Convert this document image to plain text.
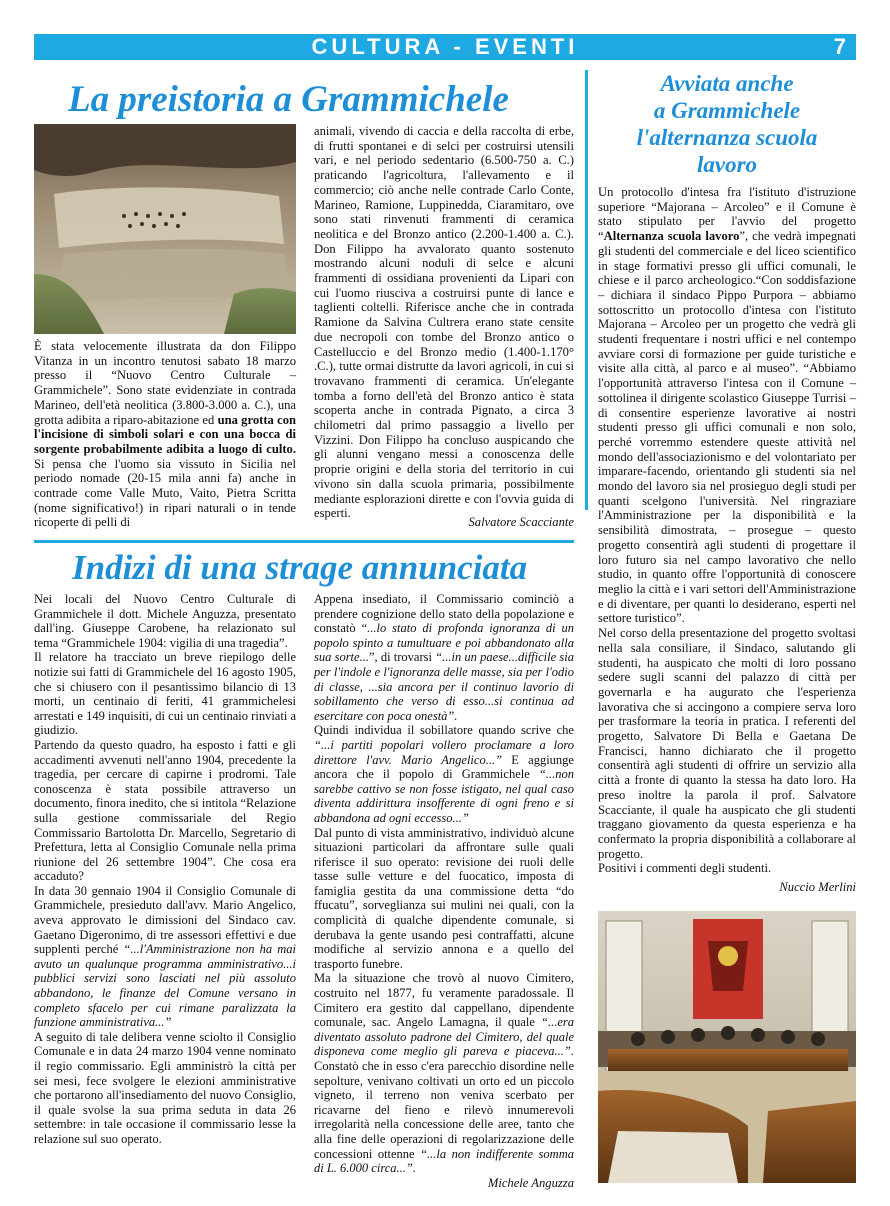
CULTURA - EVENTI	7
La preistoria a Grammichele
È stata velocemente illustrata da don Filippo Vitanza in un incontro tenutosi sabato 18 marzo presso il “Nuovo Centro Culturale – Grammichele”. Sono state evidenziate in contrada Marineo, dell'età neolitica (3.800-3.000 a. C.), una grotta adibita a riparo-abitazione ed una grotta con l'incisione di simboli solari e con una bocca di sorgente probabilmente adibita a luogo di culto. Si pensa che l'uomo sia vissuto in Sicilia nel periodo nomade (20-15 mila anni fa) anche in contrade come Valle Muto, Vaito, Pietra Scritta (nome significativo!) in ripari naturali o in tende ricoperte di pelli di
animali, vivendo di caccia e della raccolta di erbe, di frutti spontanei e di selci per costruirsi utensili vari, e nel periodo sedentario (6.500-750 a. C.) praticando l'agricoltura, l'allevamento e il commercio; ciò anche nelle contrade Carlo Conte, Marineo, Ramione, Luppinedda, Ciaramitaro, ove sono stati rinvenuti frammenti di ceramica neolitica e del Bronzo antico (2.200-1.400 a. C.). Don Filippo ha avvalorato quanto sostenuto mostrando alcuni noduli di selce e alcuni frammenti di ossidiana provenienti da Lipari con cui l'uomo riusciva a costruirsi punte di lance e taglienti coltelli. Riferisce anche che in contrada Ramione da Salvina Cultrera erano state censite due necropoli con tombe del Bronzo antico o Castelluccio e del Bronzo medio (1.400-1.170° .C.), tutte ormai distrutte da lavori agricoli, in cui si trovavano frammenti di ceramica. Un'elegante tomba a forno dell'età del Bronzo antico è stata scoperta anche in contrada Pignato, a circa 3 chilometri dal primo passaggio a livello per Vizzini. Don Filippo ha concluso auspicando che gli alunni vengano messi a conoscenza delle proprie origini e della storia del territorio in cui vivono sin dalla scuola primaria, possibilmente mediante esplorazioni dirette e con l'ovvia guida di esperti.
Salvatore Scacciante
Indizi di una strage annunciata
Nei locali del Nuovo Centro Culturale di Grammichele il dott. Michele Anguzza, presentato dall'ing. Giuseppe Carobene, ha relazionato sul tema “Grammichele 1904: vigilia di una tragedia”.
Il relatore ha tracciato un breve riepilogo delle notizie sui fatti di Grammichele del 16 agosto 1905, che si chiusero con il pesantissimo bilancio di 13 morti, un centinaio di feriti, 41 grammichelesi arrestati e 149 inquisiti, di cui un centinaio rinviati a giudizio.
Partendo da questo quadro, ha esposto i fatti e gli accadimenti avvenuti nell'anno 1904, precedente la tragedia, per cercare di capirne i prodromi. Tale conoscenza è stata possibile attraverso un documento, finora inedito, che si intitola “Relazione sulla gestione commissariale del Regio Commissario Bartolotta Dr. Marcello, Segretario di Prefettura, letta al Consiglio Comunale nella prima riunione del 26 settembre 1904”. Che cosa era accaduto?
In data 30 gennaio 1904 il Consiglio Comunale di Grammichele, presieduto dall'avv. Mario Angelico, aveva approvato le dimissioni del Sindaco cav. Gaetano Digeronimo, di tre assessori effettivi e due supplenti perché “...l'Amministrazione non ha mai avuto un qualunque programma amministrativo...i pubblici servizi sono lasciati nel più assoluto abbandono, le finanze del Comune versano in completo sfacelo per cui rimane paralizzata la funzione amministrativa...”
A seguito di tale delibera venne sciolto il Consiglio Comunale e in data 24 marzo 1904 venne nominato il regio commissario. Egli amministrò la città per sei mesi, fece svolgere le elezioni amministrative che portarono all'insediamento del nuovo Consiglio, il quale svolse la sua prima seduta in data 26 settembre: in tale occasione il commissario lesse la relazione sul suo operato.
Appena insediato, il Commissario cominciò a prendere cognizione dello stato della popolazione e constatò “...lo stato di profonda ignoranza di un popolo spinto a tumultuare e poi abbandonato alla sua sorte...”, di trovarsi “...in un paese...difficile sia per l'indole e l'ignoranza delle masse, sia per l'odio di classe, ...sia ancora per il continuo lavorio di sobillamento che verso di esso...si continua ad esercitare con poca onestà”.
Quindi individua il sobillatore quando scrive che “...i partiti popolari vollero proclamare a loro direttore l'avv. Mario Angelico...” E aggiunge ancora che il popolo di Grammichele “...non sarebbe cattivo se non fosse istigato, nel qual caso diventa addirittura insofferente di ogni freno e si abbandona ad ogni eccesso...”
Dal punto di vista amministrativo, individuò alcune situazioni particolari da affrontare sulle quali riferisce il suo operato: revisione dei ruoli delle tasse sulle vetture e del fuocatico, imposta di famiglia gestita da una commissione detta “do ffucatu”, sorveglianza sui mulini nei quali, con la complicità di qualche dipendente comunale, si derubava la gente usando pesi contraffatti, alcune modifiche al servizio annona e a quello del trasporto funebre.
Ma la situazione che trovò al nuovo Cimitero, costruito nel 1877, fu veramente paradossale. Il Cimitero era gestito dal cappellano, dipendente comunale, sac. Angelo Lamagna, il quale “...era diventato assoluto padrone del Cimitero, del quale disponeva come meglio gli pareva e piaceva...”. Constatò che in esso c'era parecchio disordine nelle sepolture, venivano coltivati un orto ed un piccolo vigneto, il terreno non veniva scerbato per ricavarne del fieno e rilevò innumerevoli irregolarità nella concessione delle aree, tanto che alla fine delle operazioni di regolarizzazione delle concessioni ottenne “...la non indifferente somma di L. 6.000 circa...”.
Michele Anguzza
Avviata anche
a Grammichele
l'alternanza scuola
lavoro
Un protocollo d'intesa fra l'istituto d'istruzione superiore “Majorana – Arcoleo” e il Comune è stato stipulato per l'avvio del progetto “Alternanza scuola lavoro”, che vedrà impegnati gli studenti del commerciale e del liceo scientifico in stage formativi presso gli uffici comunali, le chiese e il parco archeologico.“Con soddisfazione – dichiara il sindaco Pippo Purpora – abbiamo sottoscritto un protocollo d'intesa con l'istituto Majorana – Arcoleo per un progetto che vedrà gli studenti frequentare i nostri uffici e nel contempo avviare corsi di formazione per guide turistiche e visite alla città, al parco e al museo”. “Abbiamo l'opportunità attraverso l'intesa con il Comune – sottolinea il dirigente scolastico Giuseppe Turrisi – di consentire esperienze lavorative ai nostri studenti presso gli uffici comunali e non solo, perché vorremmo estendere queste attività nel mondo dell'associazionismo e del volontariato per imparare-facendo, orientando gli studenti sia nel mondo del lavoro sia nel prosieguo degli studi per quanti scelgono l'università. Nel ringraziare l'Amministrazione per la disponibilità e la sensibilità dimostrata, – prosegue – questo progetto consentirà agli studenti di progettare il loro futuro sia nel campo lavorativo che nello studio, in quanto offre l'opportunità di conoscere meglio la città e i vari settori dell'Amministrazione e di diventare, per quanti lo desiderano, esperti nel settore turistico”.
Nel corso della presentazione del progetto svoltasi nella sala consiliare, il Sindaco, salutando gli studenti, ha auspicato che molti di loro possano sedere sugli scanni del palazzo di città per governarla e ha augurato che l'esperienza lavorativa che si accingono a compiere serva loro per trasformare la teoria in pratica. I referenti del progetto, Salvatore Di Bella e Gaetana De Francisci, hanno dichiarato che il progetto consentirà agli studenti di offrire un servizio alla città a fronte di quanto la stessa ha dato loro. Ha preso inoltre la parola il prof. Salvatore Scacciante, il quale ha auspicato che gli studenti traggano giovamento da questa esperienza e ha confermato la propria disponibilità a collaborare al progetto.
Positivi i commenti degli studenti.
Nuccio Merlini
